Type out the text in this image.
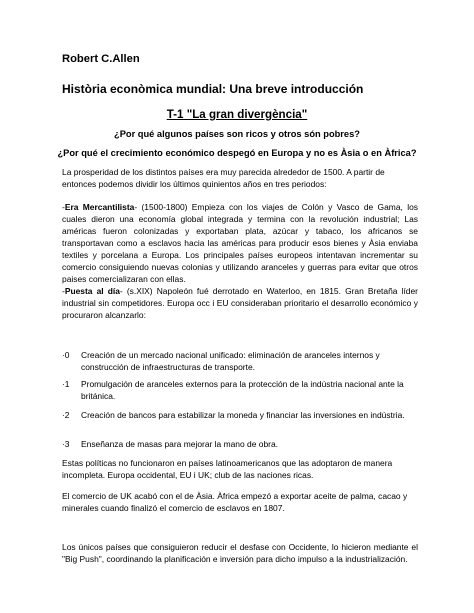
Robert C.Allen
Història econòmica mundial: Una breve introducción
T-1 "La gran divergència"
¿Por qué algunos países son ricos y otros són pobres?
¿Por qué el crecimiento económico despegó en Europa y no es Àsia o en Àfrica?
La prosperidad de los distintos países era muy parecida alrededor de 1500. A partir de entonces podemos dividir los últimos quinientos años en tres periodos:
-Era Mercantilista- (1500-1800) Empieza con los viajes de Colón y Vasco de Gama, los cuales dieron una economía global integrada y termina con la revolución industrial; Las américas fueron colonizadas y exportaban plata, azúcar y tabaco, los africanos se transportavan como a esclavos hacia las américas para producir esos bienes y Àsia enviaba textiles y porcelana a Europa. Los principales países europeos intentavan incrementar su comercio consiguiendo nuevas colonias y utilizando aranceles y guerras para evitar que otros paises comercializaran con ellas.
-Puesta al día- (s.XIX) Napoleón fué derrotado en Waterloo, en 1815. Gran Bretaña líder industrial sin competidores. Europa occ i EU consideraban prioritario el desarrollo económico y procuraron alcanzarlo:
·0 Creación de un mercado nacional unificado: eliminación de aranceles internos y construcción de infraestructuras de transporte.
·1 Promulgación de aranceles externos para la protección de la indústria nacional ante la británica.
·2 Creación de bancos para estabilizar la moneda y financiar las inversiones en indústria.
·3 Enseñanza de masas para mejorar la mano de obra.
Estas políticas no funcionaron en países latinoamericanos que las adoptaron de manera incompleta. Europa occidental, EU i UK; club de las naciones ricas.
El comercio de UK acabó con el de Àsia. Àfrica empezó a exportar aceite de palma, cacao y minerales cuando finalizó el comercio de esclavos en 1807.
Los únicos países que consiguieron reducir el desfase con Occidente, lo hicieron mediante el "Big Push", coordinando la planificación e inversión para dicho impulso a la industrialización.
